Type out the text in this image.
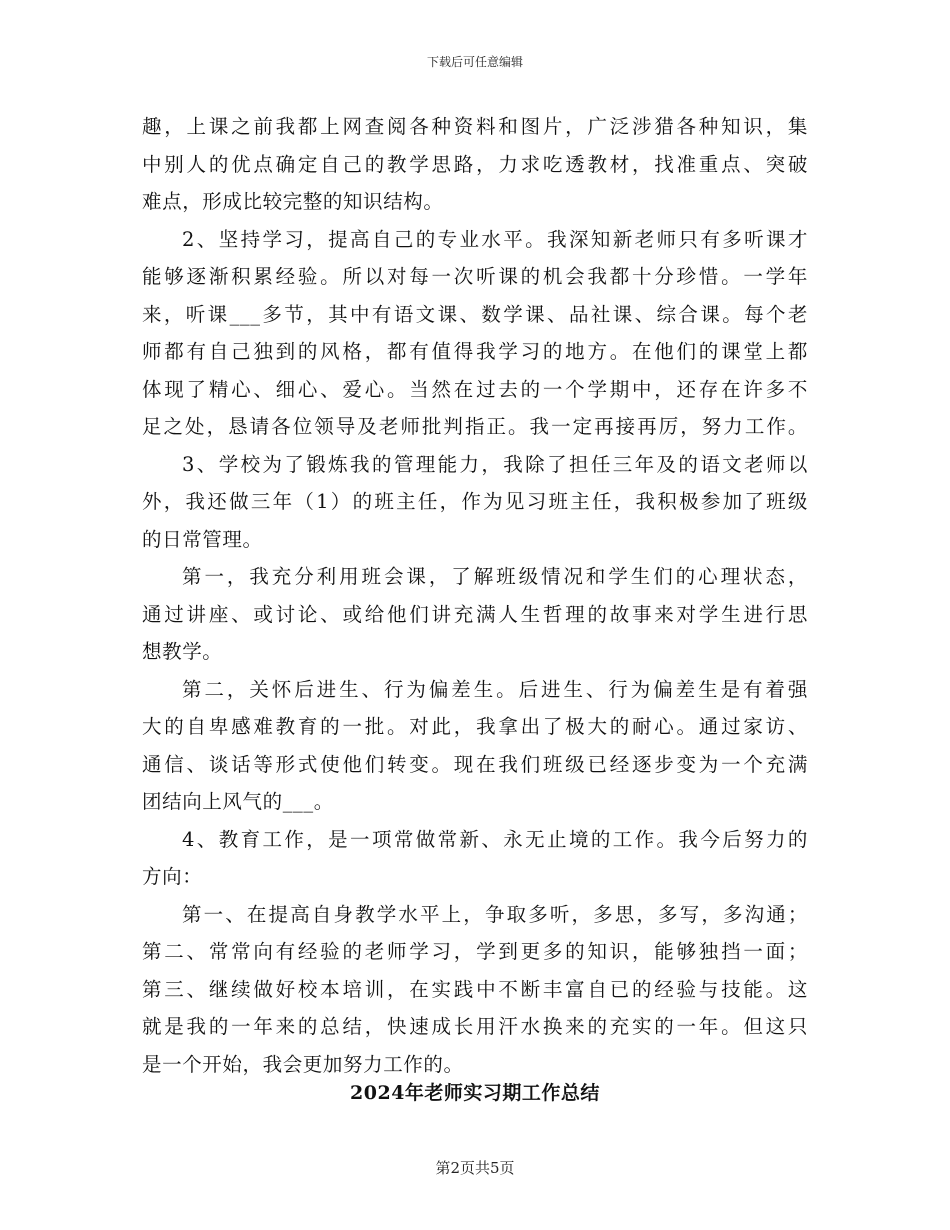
下载后可任意编辑
趣，上课之前我都上网查阅各种资料和图片，广泛涉猎各种知识，集
中别人的优点确定自己的教学思路，力求吃透教材，找准重点、突破
难点，形成比较完整的知识结构。
2、坚持学习，提高自己的专业水平。我深知新老师只有多听课才
能够逐渐积累经验。所以对每一次听课的机会我都十分珍惜。一学年
来，听课___多节，其中有语文课、数学课、品社课、综合课。每个老
师都有自己独到的风格，都有值得我学习的地方。在他们的课堂上都
体现了精心、细心、爱心。当然在过去的一个学期中，还存在许多不
足之处，恳请各位领导及老师批判指正。我一定再接再厉，努力工作。
3、学校为了锻炼我的管理能力，我除了担任三年及的语文老师以
外，我还做三年（1）的班主任，作为见习班主任，我积极参加了班级
的日常管理。
第一，我充分利用班会课，了解班级情况和学生们的心理状态，
通过讲座、或讨论、或给他们讲充满人生哲理的故事来对学生进行思
想教学。
第二，关怀后进生、行为偏差生。后进生、行为偏差生是有着强
大的自卑感难教育的一批。对此，我拿出了极大的耐心。通过家访、
通信、谈话等形式使他们转变。现在我们班级已经逐步变为一个充满
团结向上风气的___。
4、教育工作，是一项常做常新、永无止境的工作。我今后努力的
方向：
第一、在提高自身教学水平上，争取多听，多思，多写，多沟通；
第二、常常向有经验的老师学习，学到更多的知识，能够独挡一面；
第三、继续做好校本培训，在实践中不断丰富自已的经验与技能。这
就是我的一年来的总结，快速成长用汗水换来的充实的一年。但这只
是一个开始，我会更加努力工作的。
2024年老师实习期工作总结
第2页共5页
